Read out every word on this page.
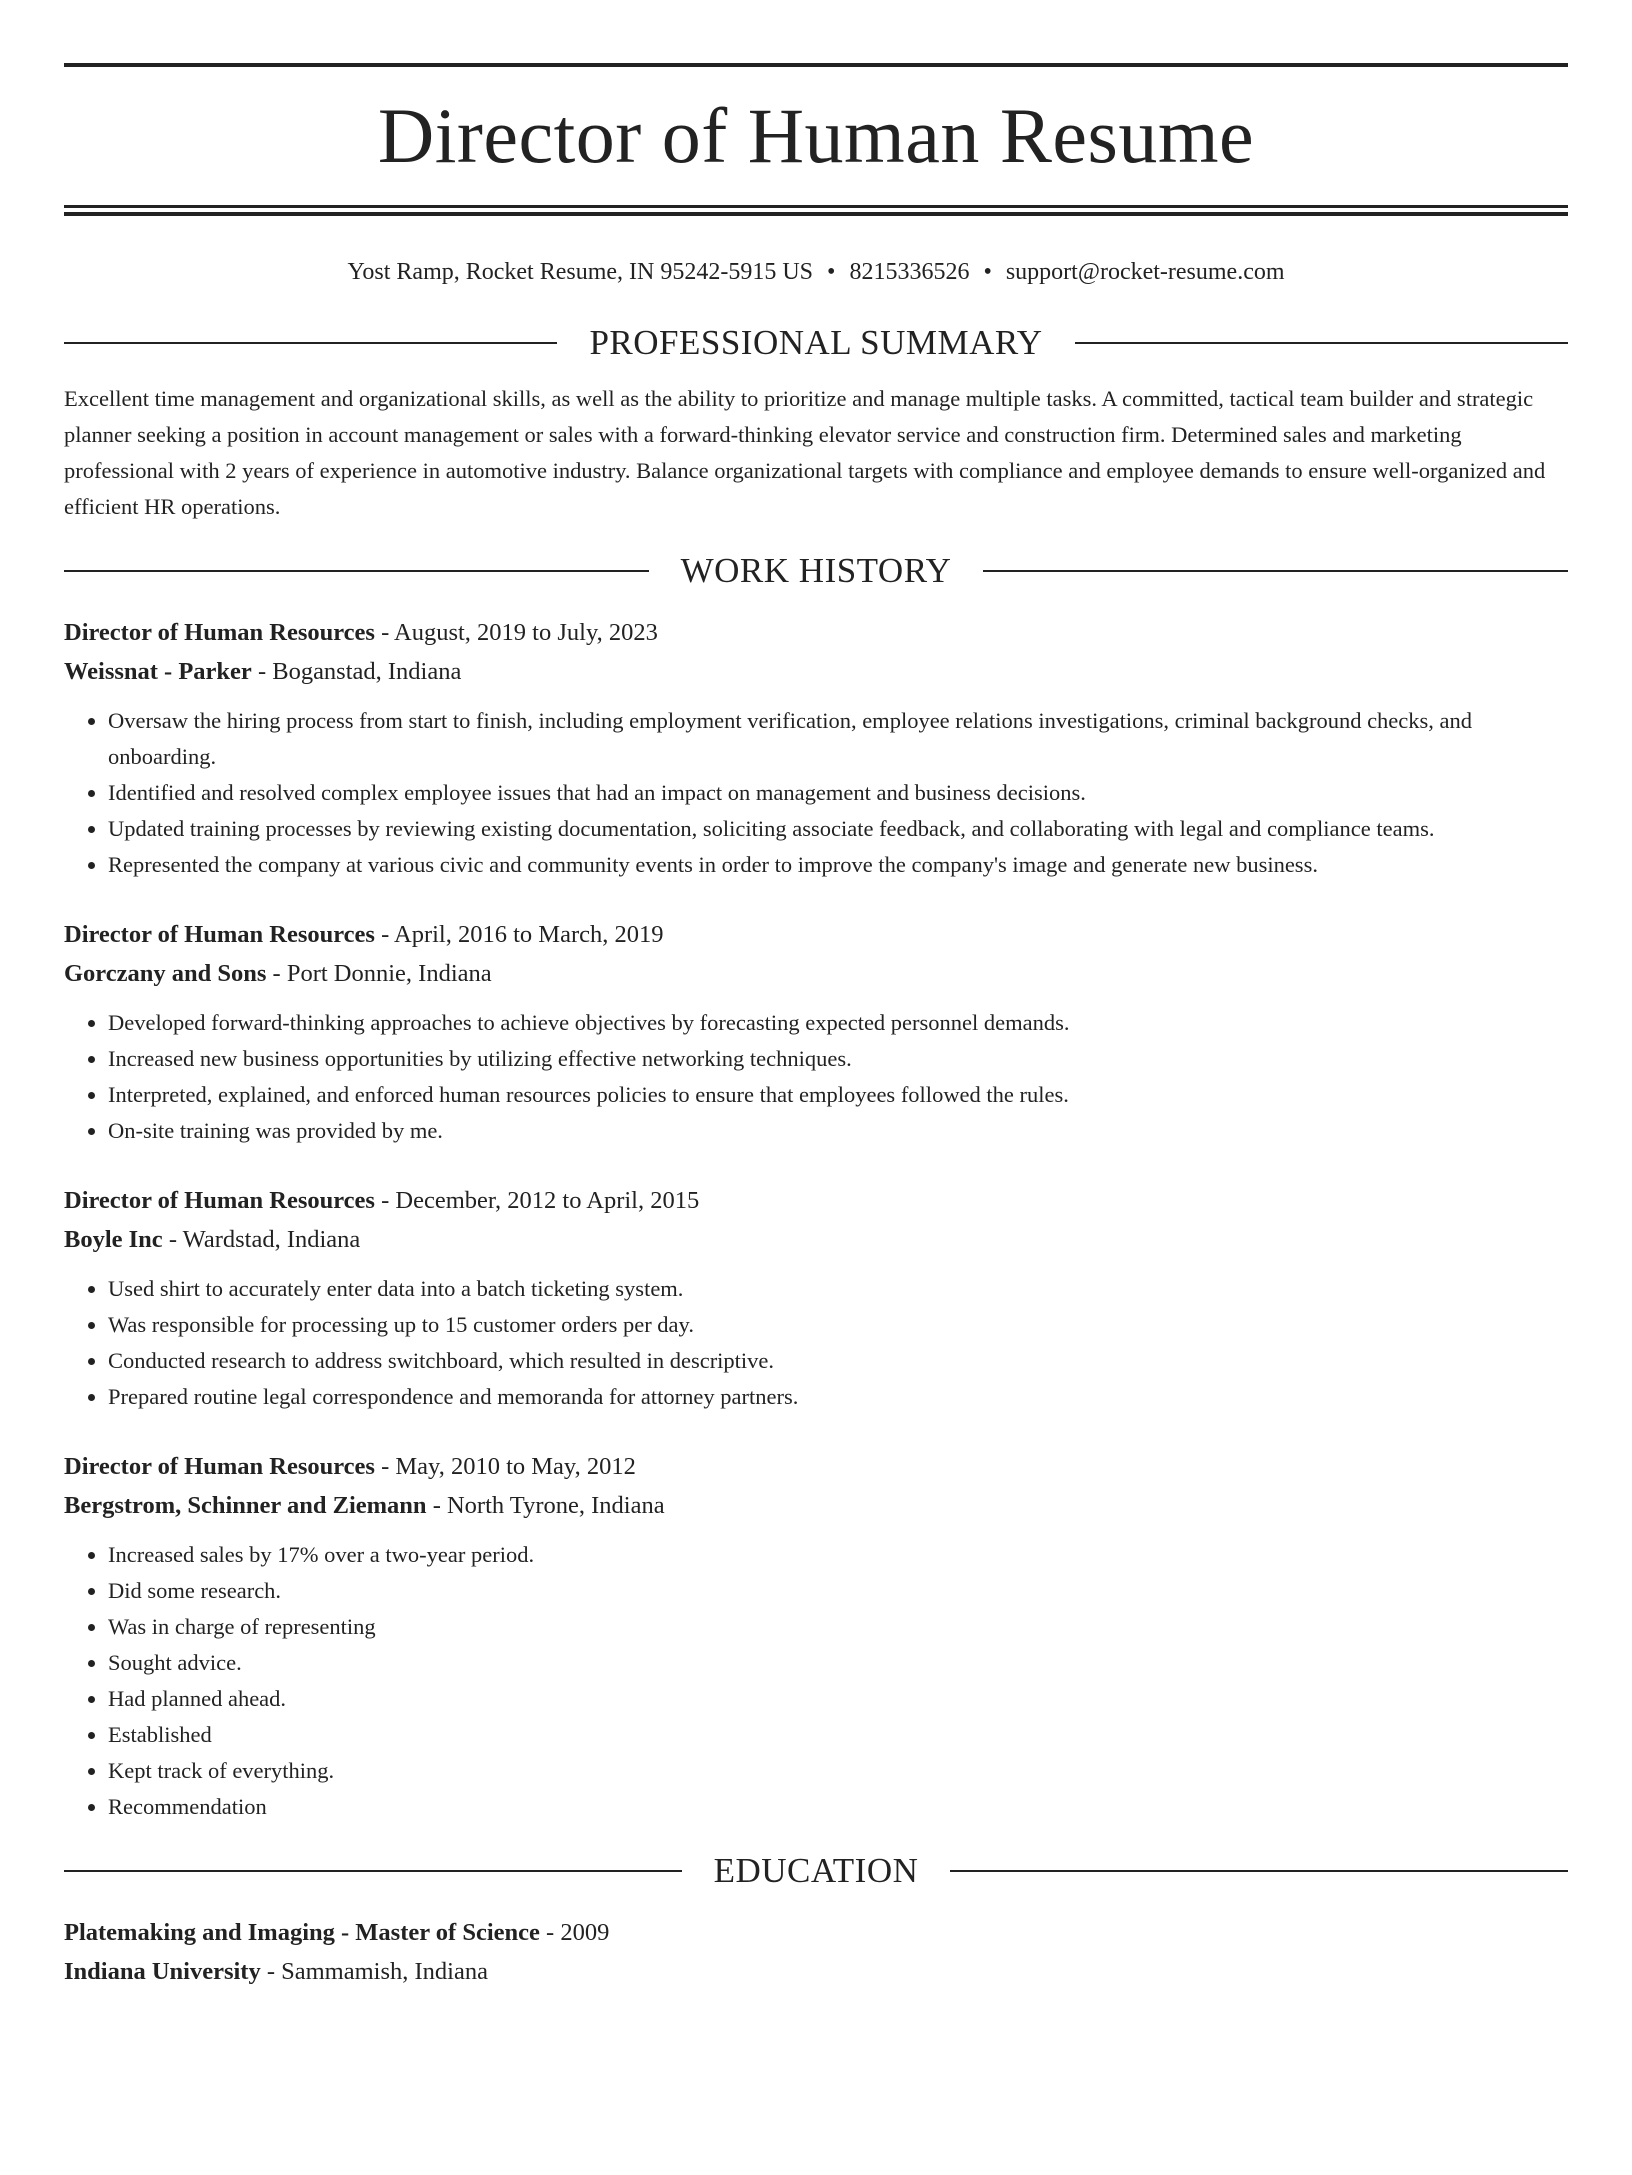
Director of Human Resume
Yost Ramp, Rocket Resume, IN 95242-5915 US • 8215336526 • support@rocket-resume.com
PROFESSIONAL SUMMARY

Excellent time management and organizational skills, as well as the ability to prioritize and manage multiple tasks. A committed, tactical team builder and strategic planner seeking a position in account management or sales with a forward-thinking elevator service and construction firm. Determined sales and marketing professional with 2 years of experience in automotive industry. Balance organizational targets with compliance and employee demands to ensure well-organized and efficient HR operations.

WORK HISTORY
Director of Human Resources - August, 2019 to July, 2023
Weissnat - Parker - Boganstad, Indiana
• Oversaw the hiring process from start to finish, including employment verification, employee relations investigations, criminal background checks, and onboarding.
• Identified and resolved complex employee issues that had an impact on management and business decisions.
• Updated training processes by reviewing existing documentation, soliciting associate feedback, and collaborating with legal and compliance teams.
• Represented the company at various civic and community events in order to improve the company's image and generate new business.
Director of Human Resources - April, 2016 to March, 2019
Gorczany and Sons - Port Donnie, Indiana
• Developed forward-thinking approaches to achieve objectives by forecasting expected personnel demands.
• Increased new business opportunities by utilizing effective networking techniques.
• Interpreted, explained, and enforced human resources policies to ensure that employees followed the rules.
• On-site training was provided by me.
Director of Human Resources - December, 2012 to April, 2015
Boyle Inc - Wardstad, Indiana
• Used shirt to accurately enter data into a batch ticketing system.
• Was responsible for processing up to 15 customer orders per day.
• Conducted research to address switchboard, which resulted in descriptive.
• Prepared routine legal correspondence and memoranda for attorney partners.
Director of Human Resources - May, 2010 to May, 2012
Bergstrom, Schinner and Ziemann - North Tyrone, Indiana
• Increased sales by 17% over a two-year period.
• Did some research.
• Was in charge of representing
• Sought advice.
• Had planned ahead.
• Established
• Kept track of everything.
• Recommendation
EDUCATION
Platemaking and Imaging - Master of Science - 2009
Indiana University - Sammamish, Indiana
